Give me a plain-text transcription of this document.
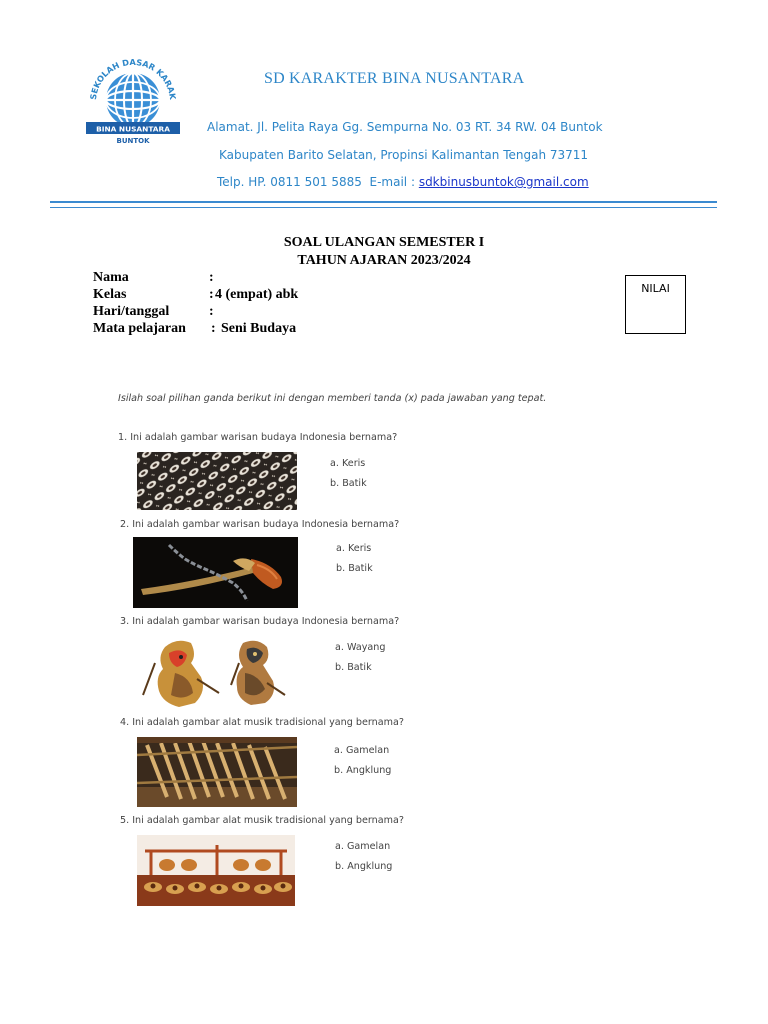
SEKOLAH DASAR KARAK
BINA NUSANTARA
BUNTOK
SD KARAKTER BINA NUSANTARA
Alamat. Jl. Pelita Raya Gg. Sempurna No. 03 RT. 34 RW. 04 Buntok
Kabupaten Barito Selatan, Propinsi Kalimantan Tengah 73711
Telp. HP. 0811 501 5885  E-mail : sdkbinusbuntok@gmail.com
SOAL ULANGAN SEMESTER I
TAHUN AJARAN 2023/2024
Nama	:
Kelas	: 4 (empat) abk
Hari/tanggal	:
Mata pelajaran : Seni Budaya
NILAI
Isilah soal pilihan ganda berikut ini dengan memberi tanda (x) pada jawaban yang tepat.
1. Ini adalah gambar warisan budaya Indonesia bernama?
a. Keris
b. Batik
2. Ini adalah gambar warisan budaya Indonesia bernama?
a. Keris
b. Batik
3. Ini adalah gambar warisan budaya Indonesia bernama?
a. Wayang
b. Batik
4. Ini adalah gambar alat musik tradisional yang bernama?
a. Gamelan
b. Angklung
5. Ini adalah gambar alat musik tradisional yang bernama?
a. Gamelan
b. Angklung
